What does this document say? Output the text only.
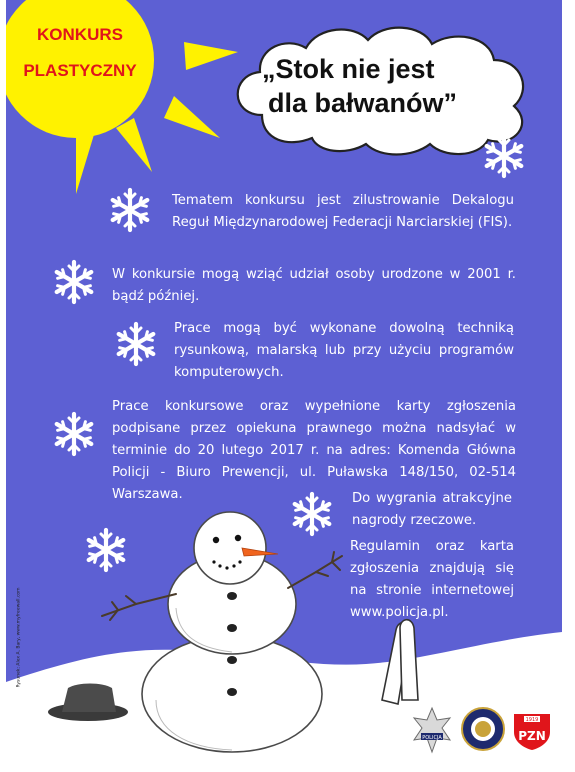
KONKURS
PLASTYCZNY	„Stok nie jest
dla bałwanów”
Tematem konkursu jest zilustrowanie Dekalogu Reguł Międzynarodowej Federacji Narciarskiej (FIS).
W konkursie mogą wziąć udział osoby urodzone w 2001 r. bądź później.
Prace mogą być wykonane dowolną techniką rysunkową, malarską lub przy użyciu programów komputerowych.
Prace konkursowe oraz wypełnione karty zgłoszenia podpisane przez opiekuna prawnego można nadsyłać w terminie do 20 lutego 2017 r. na adres: Komenda Główna Policji - Biuro Prewencji, ul. Puławska 148/150, 02-514 Warszawa.	Do wygrania atrakcyjne nagrody rzeczowe.
Regulamin oraz karta zgłoszenia znajdują się na stronie internetowej www.policja.pl.
Rysunek: Alex A. Bary, www.myfreewall.com
POLICJA
1919
PZN
